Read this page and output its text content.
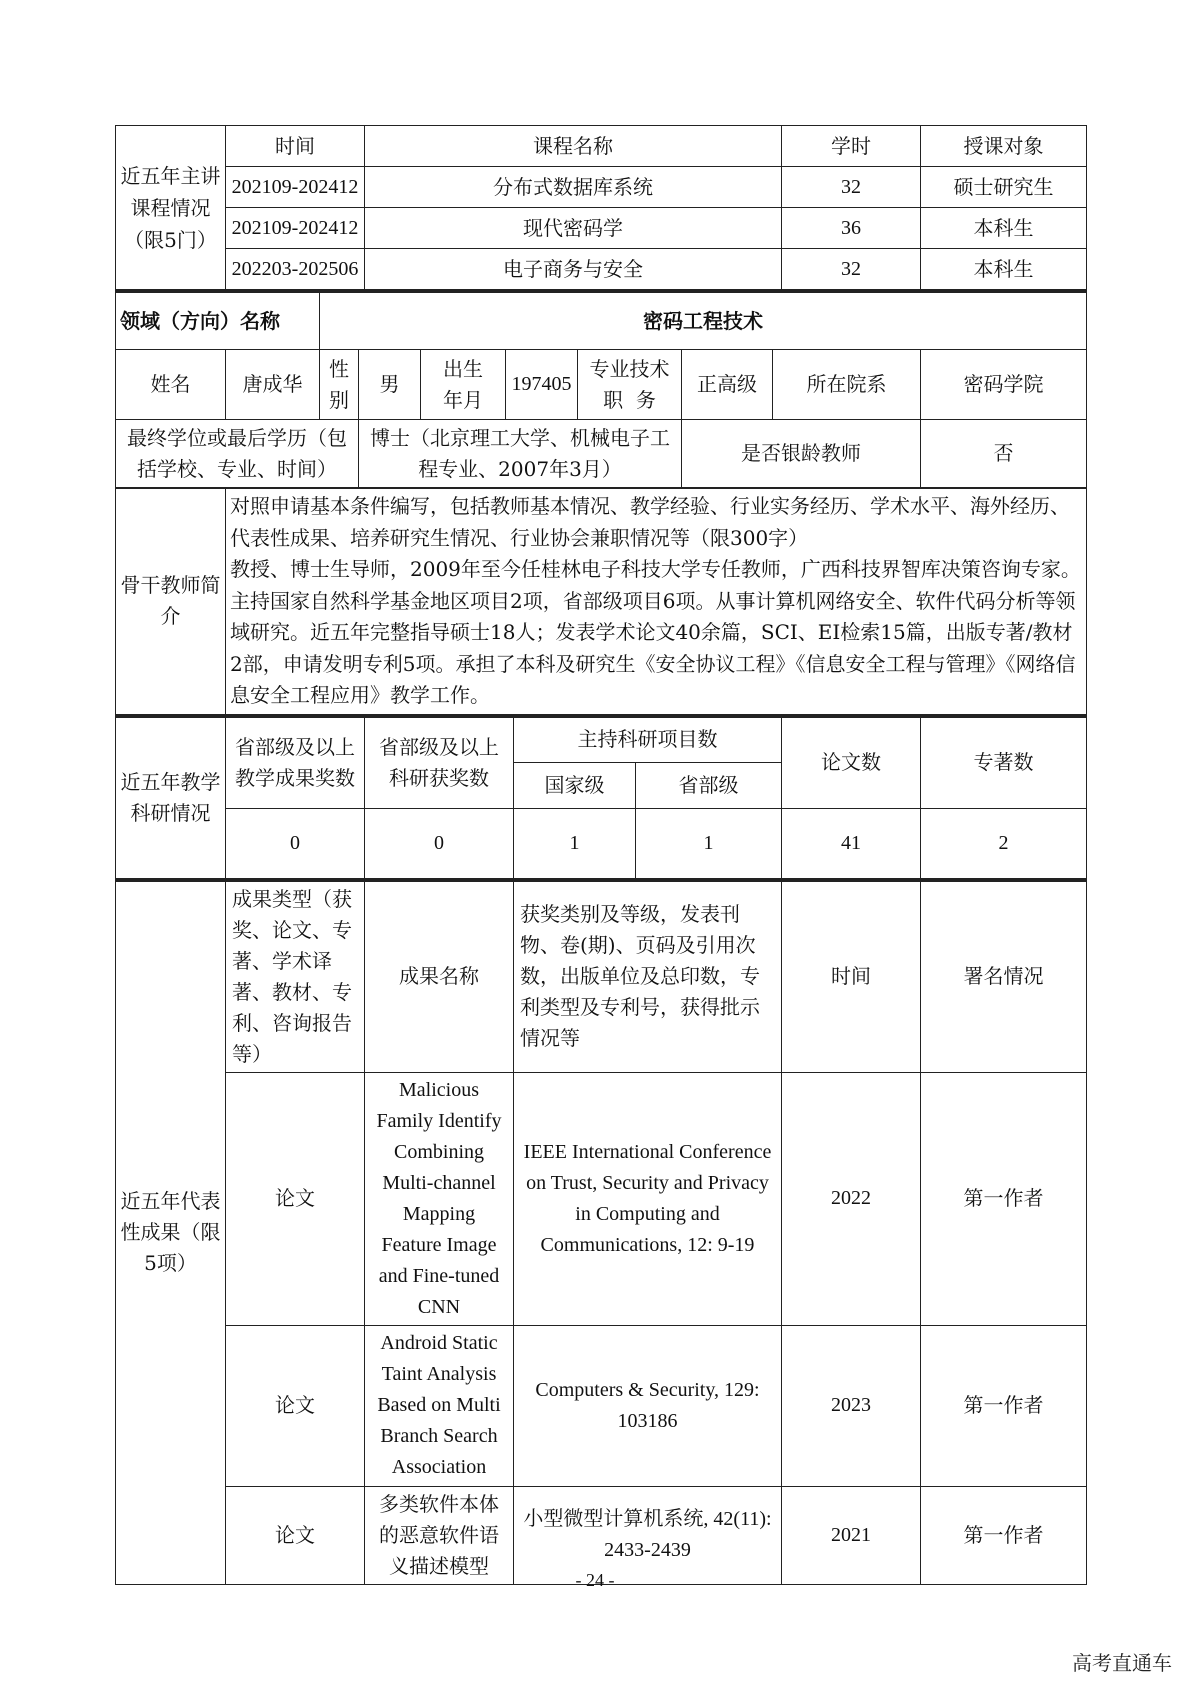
近五年主讲课程情况（限5门）	时间	课程名称	学时	授课对象
	202109-202412	分布式数据库系统	32	硕士研究生
	202109-202412	现代密码学	36	本科生
	202203-202506	电子商务与安全	32	本科生
领域（方向）名称		密码工程技术							
姓名	唐成华	性别	男	出生年月	197405	专业技术职  务	正高级	所在院系	密码学院
最终学位或最后学历（包括学校、专业、时间）			博士（北京理工大学、机械电子工程专业、2007年3月）				是否银龄教师		否
骨干教师简介	
对照申请基本条件编写，包括教师基本情况、教学经验、行业实务经历、学术水平、海外经历、代表性成果、培养研究生情况、行业协会兼职情况等（限300字）
教授、博士生导师，2009年至今任桂林电子科技大学专任教师，广西科技界智库决策咨询专家。主持国家自然科学基金地区项目2项，省部级项目6项。从事计算机网络安全、软件代码分析等领域研究。近五年完整指导硕士18人；发表学术论文40余篇，SCI、EI检索15篇，出版专著/教材2部，申请发明专利5项。承担了本科及研究生《安全协议工程》《信息安全工程与管理》《网络信息安全工程应用》教学工作。
近五年教学科研情况	省部级及以上教学成果奖数	省部级及以上科研获奖数	主持科研项目数		论文数	专著数
			国家级	省部级		
	0	0	1	1	41	2
近五年代表性成果（限5项）	成果类型（获奖、论文、专著、学术译著、教材、专利、咨询报告等）	成果名称	获奖类别及等级，发表刊物、卷(期)、页码及引用次数，出版单位及总印数，专利类型及专利号，获得批示情况等	时间	署名情况
	论文	Malicious Family Identify Combining Multi-channel Mapping Feature Image and Fine-tuned CNN	IEEE International Conference on Trust, Security and Privacy in Computing and Communications, 12: 9-19	2022	第一作者
	论文	Android Static Taint Analysis Based on Multi Branch Search Association	Computers & Security, 129: 103186	2023	第一作者
	论文	多类软件本体的恶意软件语义描述模型	小型微型计算机系统, 42(11): 2433-2439	2021	第一作者
- 24 -
高考直通车
